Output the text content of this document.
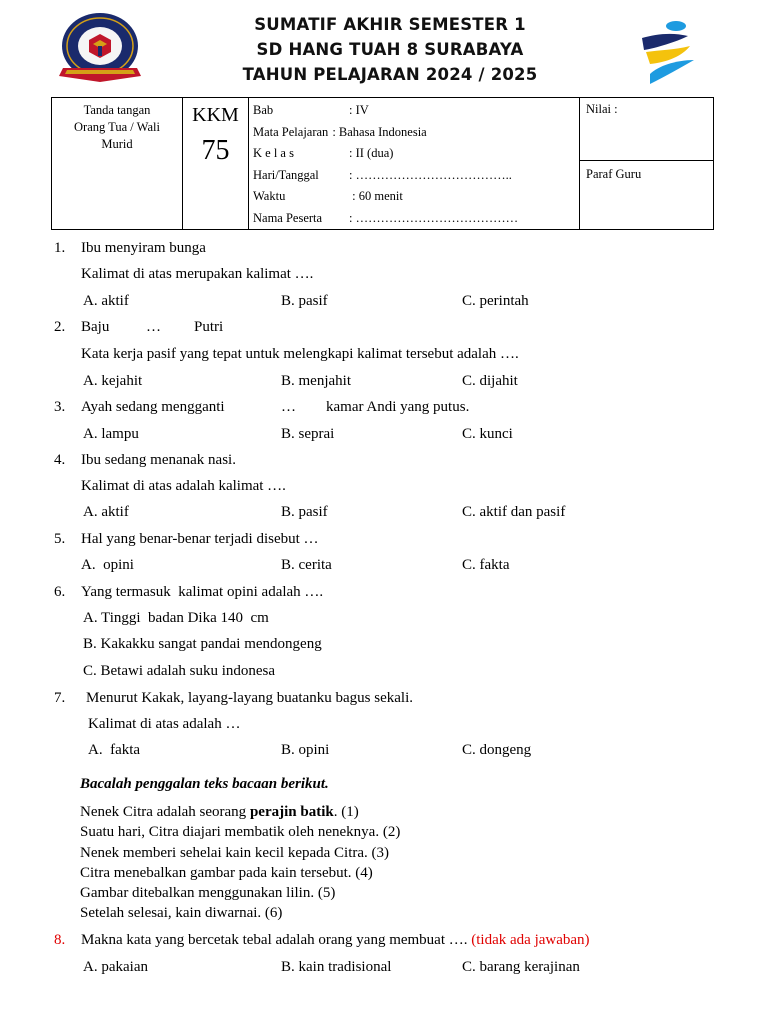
SUMATIF AKHIR SEMESTER 1
SD HANG TUAH 8 SURABAYA
TAHUN PELAJARAN 2024 / 2025
Tanda tangan
Orang Tua / Wali
Murid

KKM
75

Bab	: IV
Mata Pelajaran : Bahasa Indonesia
K e l a s	: II (dua)
Hari/Tanggal	: ………………………………..
Waktu	: 60 menit
Nama Peserta	: …………………………………
	Nilai :
Paraf Guru
1. Ibu menyiram bunga
Kalimat di atas merupakan kalimat ….
A. aktif	B. pasif	C. perintah
2. Baju … Putri
Kata kerja pasif yang tepat untuk melengkapi kalimat tersebut adalah ….
A. kejahit	B. menjahit	C. dijahit
3. Ayah sedang mengganti	… kamar Andi yang putus.
A. lampu	B. seprai	C. kunci
4. Ibu sedang menanak nasi.
Kalimat di atas adalah kalimat ….
A. aktif	B. pasif	C. aktif dan pasif
5. Hal yang benar-benar terjadi disebut …
A.  opini	B. cerita	C. fakta
6. Yang termasuk  kalimat opini adalah ….
A. Tinggi  badan Dika 140  cm
B. Kakakku sangat pandai mendongeng
C. Betawi adalah suku indonesa
7. Menurut Kakak, layang-layang buatanku bagus sekali.
Kalimat di atas adalah …
A.  fakta	B. opini	C. dongeng
Bacalah penggalan teks bacaan berikut.
Nenek Citra adalah seorang perajin batik. (1)
Suatu hari, Citra diajari membatik oleh neneknya. (2)
Nenek memberi sehelai kain kecil kepada Citra. (3)
Citra menebalkan gambar pada kain tersebut. (4)
Gambar ditebalkan menggunakan lilin. (5)
Setelah selesai, kain diwarnai. (6)
8. Makna kata yang bercetak tebal adalah orang yang membuat …. (tidak ada jawaban)
A. pakaian	B. kain tradisional	C. barang kerajinan
